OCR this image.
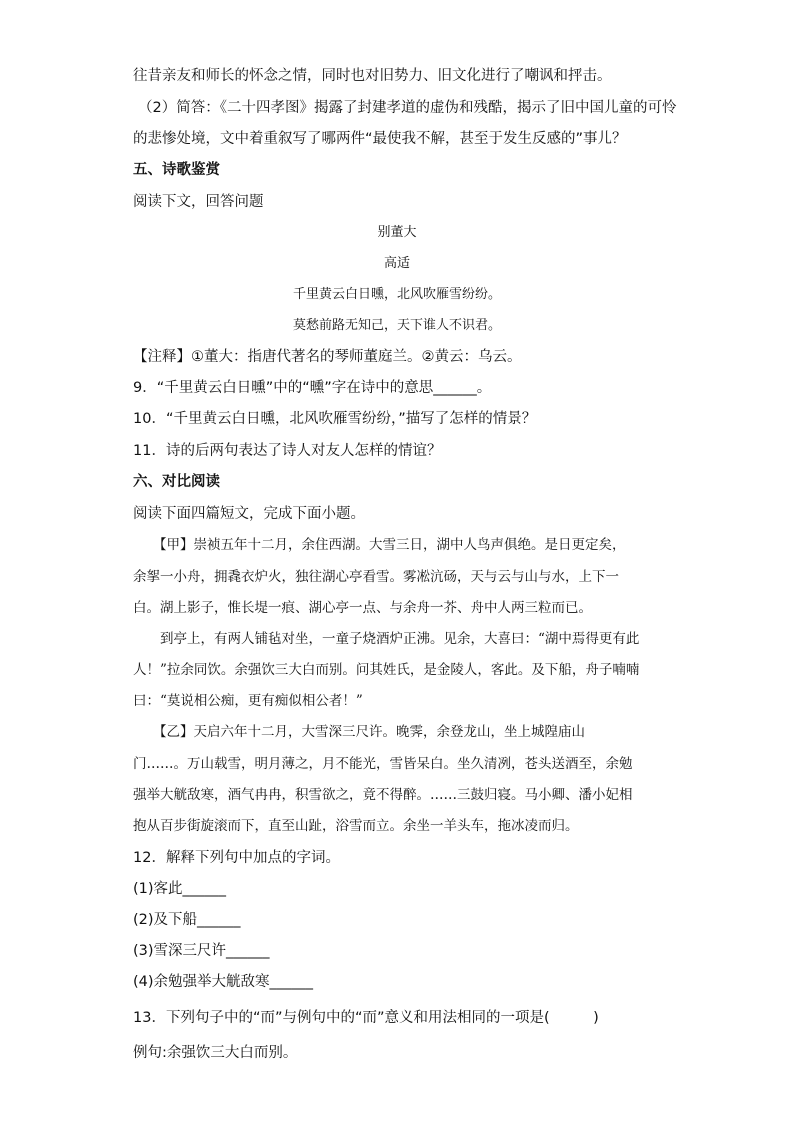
往昔亲友和师长的怀念之情，同时也对旧势力、旧文化进行了嘲讽和抨击。
（2）简答：《二十四孝图》揭露了封建孝道的虚伪和残酷，揭示了旧中国儿童的可怜
的悲惨处境，文中着重叙写了哪两件“最使我不解，甚至于发生反感的”事儿？
五、诗歌鉴赏
阅读下文，回答问题
别董大
高适
千里黄云白日曛，北风吹雁雪纷纷。
莫愁前路无知己，天下谁人不识君。
【注释】①董大：指唐代著名的琴师董庭兰。②黄云：乌云。
9．“千里黄云白日曛”中的“曛”字在诗中的意思______。
10．“千里黄云白日曛，北风吹雁雪纷纷，”描写了怎样的情景？
11．诗的后两句表达了诗人对友人怎样的情谊？
六、对比阅读
阅读下面四篇短文，完成下面小题。
【甲】崇祯五年十二月，余住西湖。大雪三日，湖中人鸟声俱绝。是日更定矣，
余挐一小舟，拥毳衣炉火，独往湖心亭看雪。雾凇沆砀，天与云与山与水，上下一
白。湖上影子，惟长堤一痕、湖心亭一点、与余舟一芥、舟中人两三粒而已。
到亭上，有两人铺毡对坐，一童子烧酒炉正沸。见余，大喜曰：“湖中焉得更有此
人！”拉余同饮。余强饮三大白而别。问其姓氏，是金陵人，客此。及下船，舟子喃喃
曰：“莫说相公痴，更有痴似相公者！”
【乙】天启六年十二月，大雪深三尺许。晚霁，余登龙山，坐上城隍庙山
门……。万山载雪，明月薄之，月不能光，雪皆呆白。坐久清冽，苍头送酒至，余勉
强举大觥敌寒，酒气冉冉，积雪欲之，竟不得醉。……三鼓归寝。马小卿、潘小妃相
抱从百步街旋滚而下，直至山趾，浴雪而立。余坐一羊头车，拖冰凌而归。
12．解释下列句中加点的字词。
(1)客此______
(2)及下船______
(3)雪深三尺许______
(4)余勉强举大觥敌寒______
13．下列句子中的“而”与例句中的“而”意义和用法相同的一项是(　　　)
例句:余强饮三大白而别。
